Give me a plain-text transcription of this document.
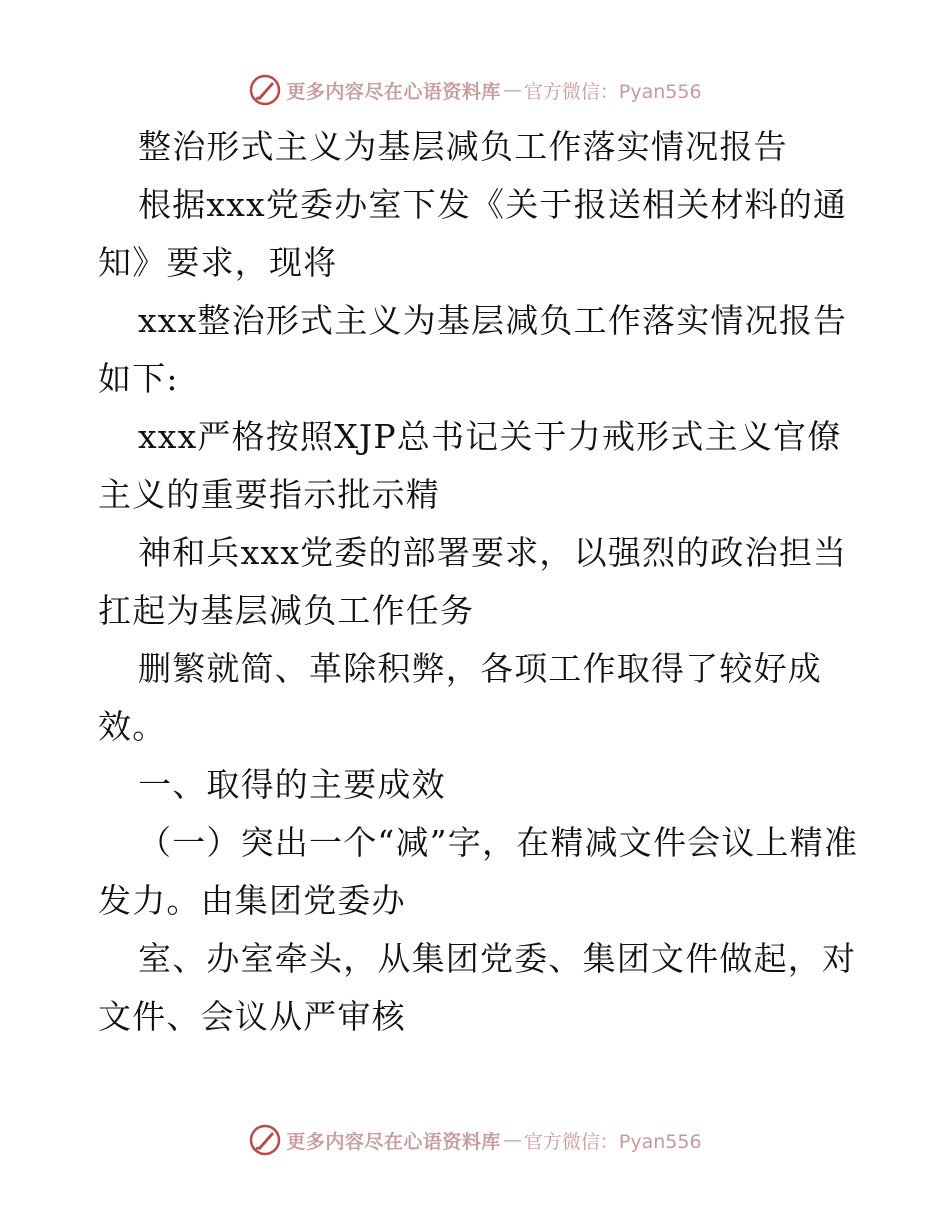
更多内容尽在心语资料库 — 官方微信：Pyan556

整治形式主义为基层减负工作落实情况报告

根据xxx党委办室下发《关于报送相关材料的通知》要求，现将

xxx整治形式主义为基层减负工作落实情况报告如下:

xxx严格按照XJP总书记关于力戒形式主义官僚主义的重要指示批示精

神和兵xxx党委的部署要求，以强烈的政治担当扛起为基层减负工作任务

删繁就简、革除积弊，各项工作取得了较好成效。

一、取得的主要成效

（一）突出一个“减”字，在精减文件会议上精准发力。由集团党委办

室、办室牵头，从集团党委、集团文件做起，对文件、会议从严审核

更多内容尽在心语资料库 — 官方微信：Pyan556
